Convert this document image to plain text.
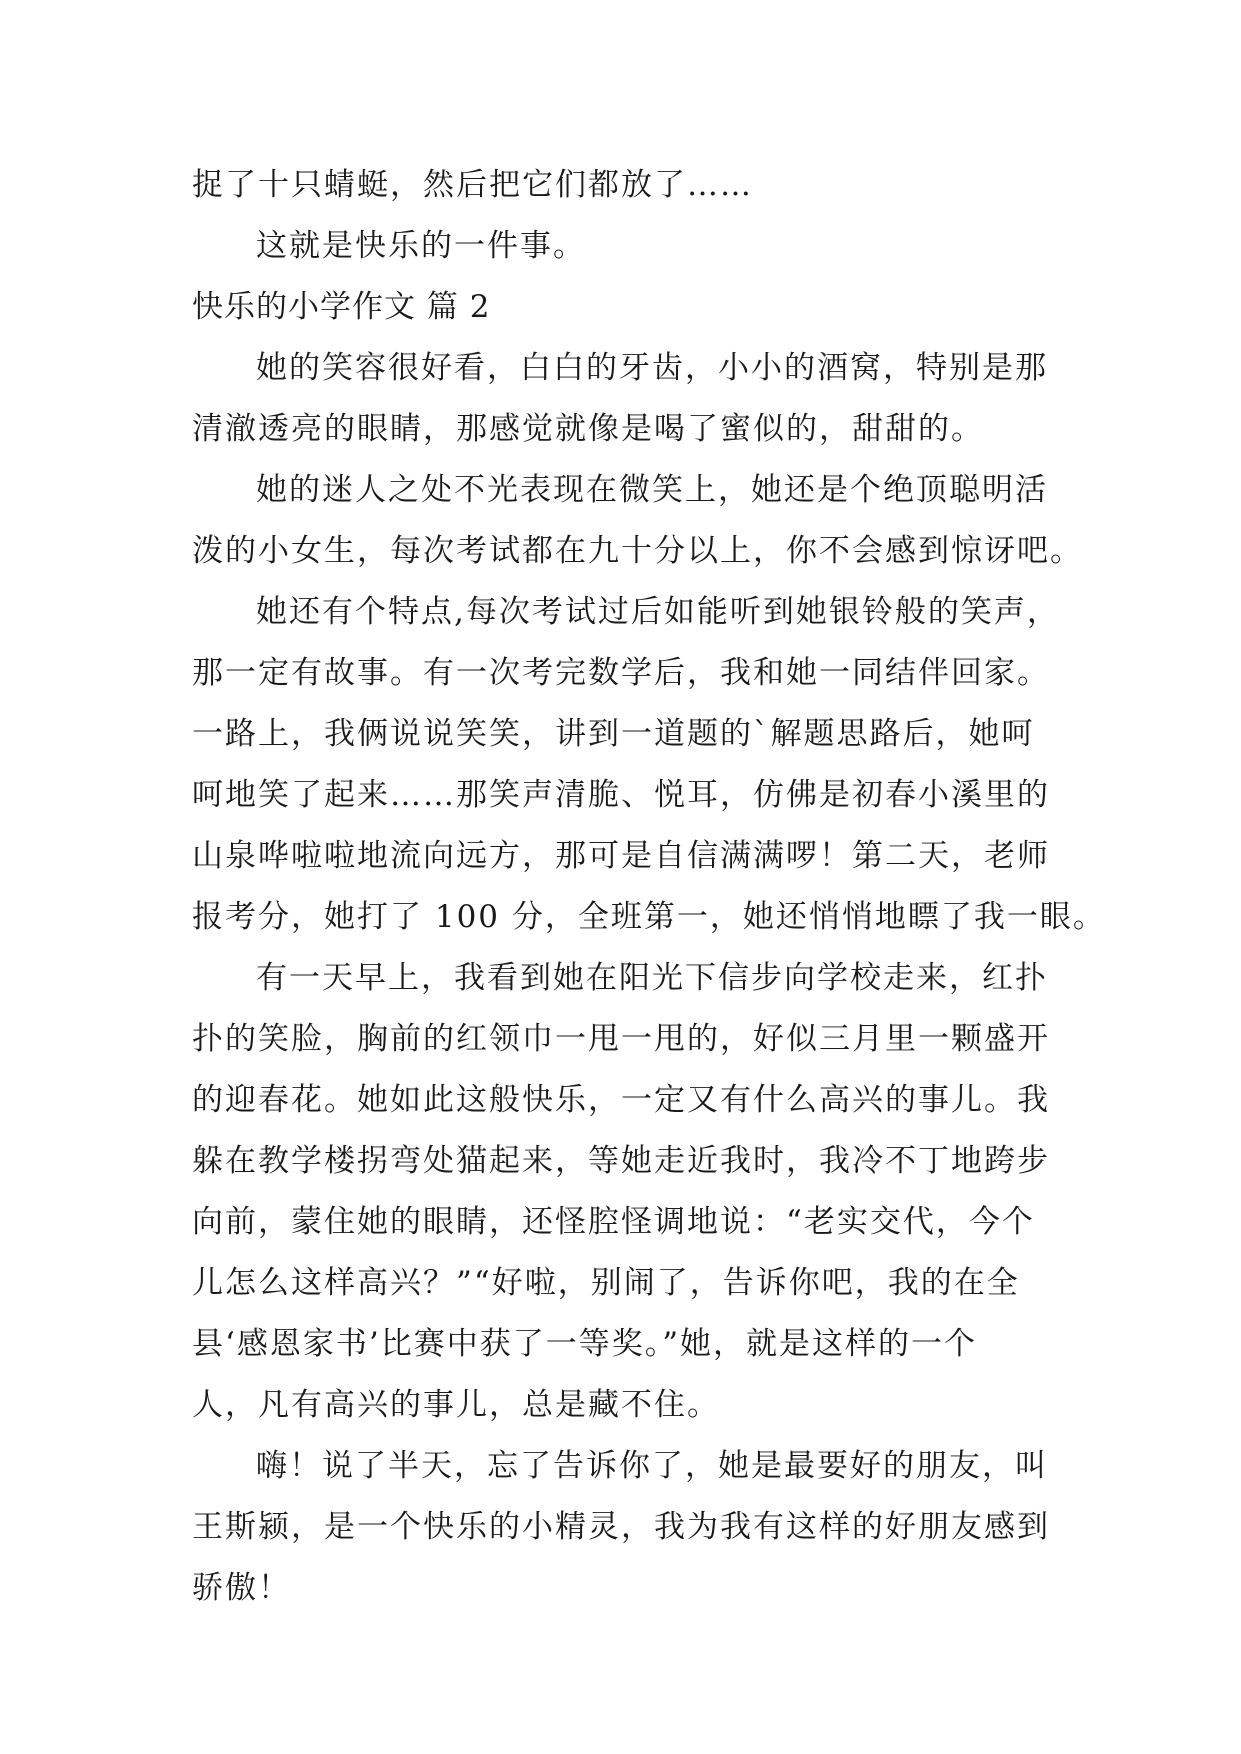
捉了十只蜻蜓，然后把它们都放了……
这就是快乐的一件事。
快乐的小学作文 篇 2
她的笑容很好看，白白的牙齿，小小的酒窝，特别是那
清澈透亮的眼睛，那感觉就像是喝了蜜似的，甜甜的。
她的迷人之处不光表现在微笑上，她还是个绝顶聪明活
泼的小女生，每次考试都在九十分以上，你不会感到惊讶吧。
她还有个特点,每次考试过后如能听到她银铃般的笑声，
那一定有故事。有一次考完数学后，我和她一同结伴回家。
一路上，我俩说说笑笑，讲到一道题的`解题思路后，她呵
呵地笑了起来……那笑声清脆、悦耳，仿佛是初春小溪里的
山泉哗啦啦地流向远方，那可是自信满满啰！第二天，老师
报考分，她打了 100 分，全班第一，她还悄悄地瞟了我一眼。
有一天早上，我看到她在阳光下信步向学校走来，红扑
扑的笑脸，胸前的红领巾一甩一甩的，好似三月里一颗盛开
的迎春花。她如此这般快乐，一定又有什么高兴的事儿。我
躲在教学楼拐弯处猫起来，等她走近我时，我冷不丁地跨步
向前，蒙住她的眼睛，还怪腔怪调地说：“老实交代，今个
儿怎么这样高兴？”“好啦，别闹了，告诉你吧，我的在全
县‘感恩家书’比赛中获了一等奖。”她，就是这样的一个
人，凡有高兴的事儿，总是藏不住。
嗨！说了半天，忘了告诉你了，她是最要好的朋友，叫
王斯颍，是一个快乐的小精灵，我为我有这样的好朋友感到
骄傲！
